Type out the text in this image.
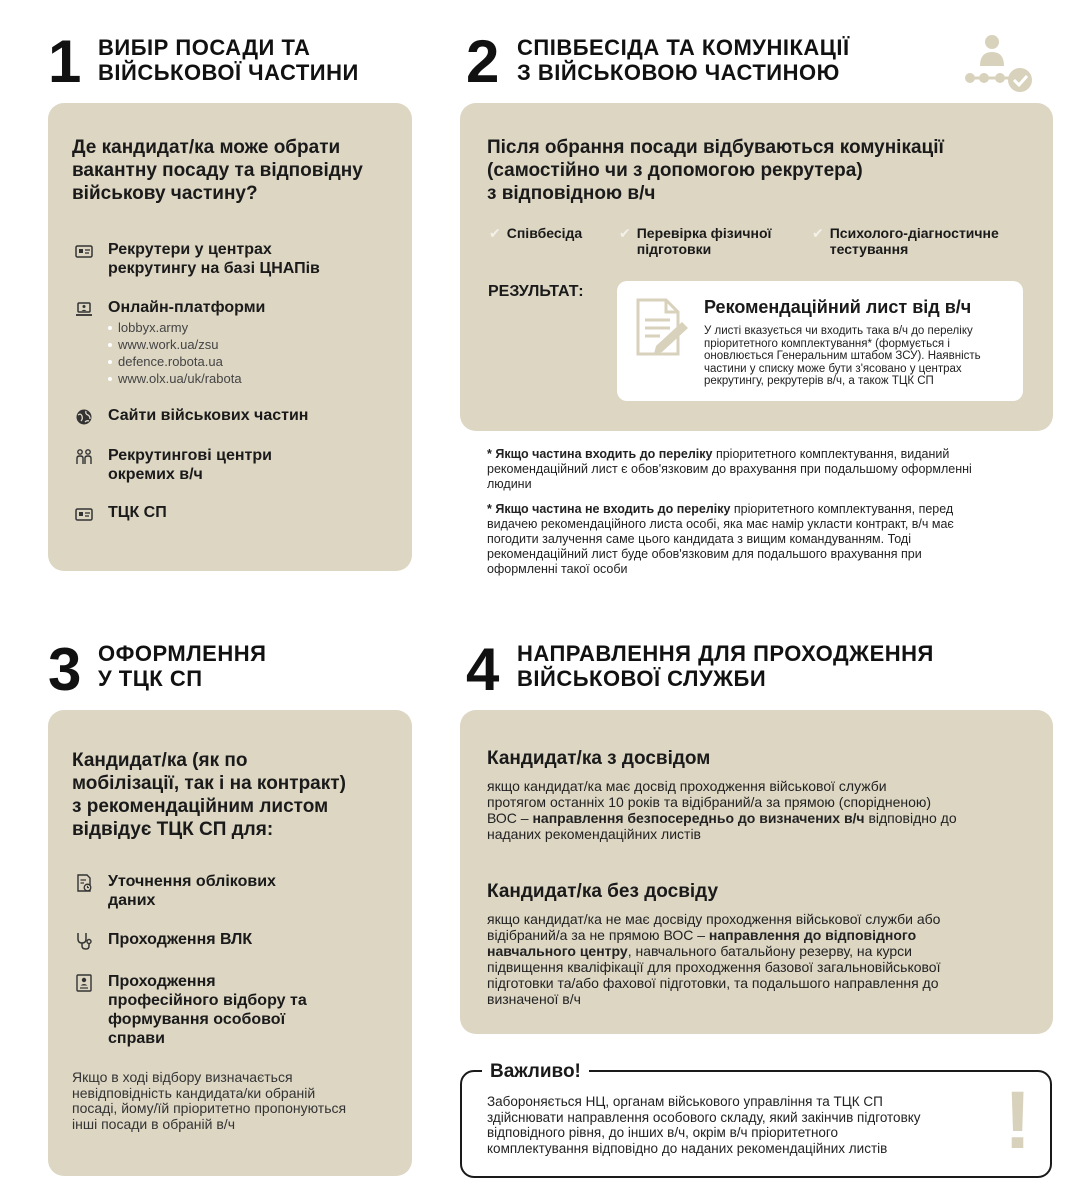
1 ВИБІР ПОСАДИ ТА
ВІЙСЬКОВОЇ ЧАСТИНИ
Де кандидат/ка може обрати
вакантну посаду та відповідну
військову частину?
Рекрутери у центрах
рекрутингу на базі ЦНАПів
Онлайн-платформи
lobbyx.army
www.work.ua/zsu
defence.robota.ua
www.olx.ua/uk/rabota
Сайти військових частин
Рекрутингові центри
окремих в/ч
ТЦК СП
2 СПІВБЕСІДА ТА КОМУНІКАЦІЇ
З ВІЙСЬКОВОЮ ЧАСТИНОЮ
Після обрання посади відбуваються комунікації
(самостійно чи з допомогою рекрутера)
з відповідною в/ч
✔ Співбесіда	✔ Перевірка фізичної
підготовки
✔ Психолого-діагностичне
тестування
РЕЗУЛЬТАТ:
Рекомендаційний лист від в/ч
У листі вказується чи входить така в/ч до переліку
пріоритетного комплектування* (формується і
оновлюється Генеральним штабом ЗСУ). Наявність
частини у списку може бути з'ясовано у центрах
рекрутингу, рекрутерів в/ч, а також ТЦК СП
* Якщо частина входить до переліку пріоритетного комплектування, виданий
рекомендаційний лист є обов'язковим до врахування при подальшому оформленні
людини
* Якщо частина не входить до переліку пріоритетного комплектування, перед
видачею рекомендаційного листа особі, яка має намір укласти контракт, в/ч має
погодити залучення саме цього кандидата з вищим командуванням. Тоді
рекомендаційний лист буде обов'язковим для подальшого врахування при
оформленні такої особи
3 ОФОРМЛЕННЯ
У ТЦК СП
Кандидат/ка (як по
мобілізації, так і на контракт)
з рекомендаційним листом
відвідує ТЦК СП для:
Уточнення облікових
даних
Проходження ВЛК
Проходження
професійного відбору та
формування особової
справи
Якщо в ході відбору визначається
невідповідність кандидата/ки обраній
посаді, йому/їй пріоритетно пропонуються
інші посади в обраній в/ч
4 НАПРАВЛЕННЯ ДЛЯ ПРОХОДЖЕННЯ
ВІЙСЬКОВОЇ СЛУЖБИ
Кандидат/ка з досвідом
якщо кандидат/ка має досвід проходження військової служби
протягом останніх 10 років та відібраний/а за прямою (спорідненою)
ВОС – направлення безпосередньо до визначених в/ч відповідно до
наданих рекомендаційних листів
Кандидат/ка без досвіду
якщо кандидат/ка не має досвіду проходження військової служби або
відібраний/а за не прямою ВОС – направлення до відповідного
навчального центру, навчального батальйону резерву, на курси
підвищення кваліфікації для проходження базової загальновійськової
підготовки та/або фахової підготовки, та подальшого направлення до
визначеної в/ч
Важливо!
Забороняється НЦ, органам військового управління та ТЦК СП
здійснювати направлення особового складу, який закінчив підготовку
відповідного рівня, до інших в/ч, окрім в/ч пріоритетного
комплектування відповідно до наданих рекомендаційних листів	!
